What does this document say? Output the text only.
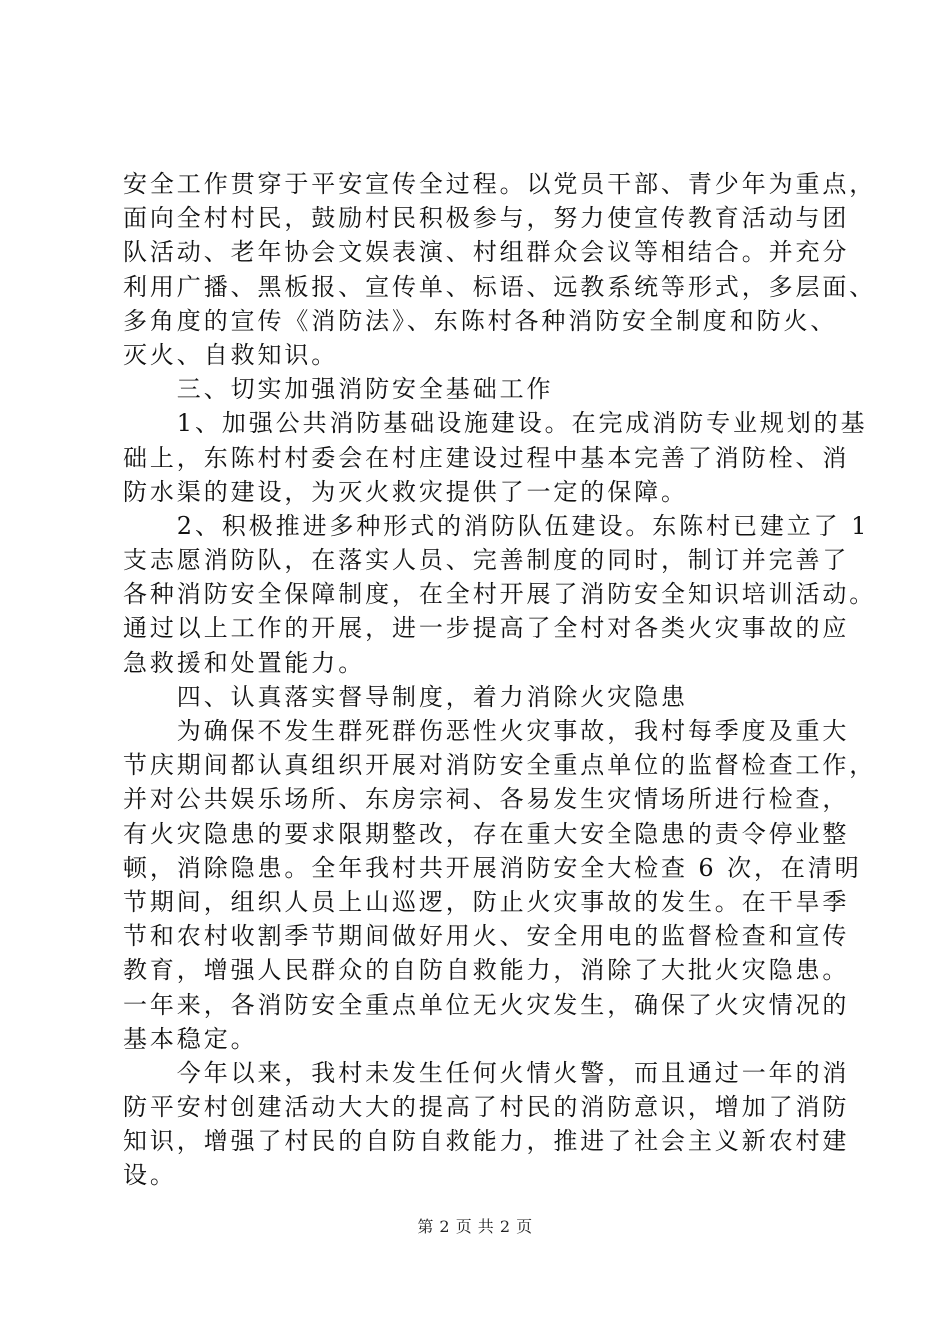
安全工作贯穿于平安宣传全过程。以党员干部、青少年为重点，
面向全村村民，鼓励村民积极参与，努力使宣传教育活动与团
队活动、老年协会文娱表演、村组群众会议等相结合。并充分
利用广播、黑板报、宣传单、标语、远教系统等形式，多层面、
多角度的宣传《消防法》、东陈村各种消防安全制度和防火、
灭火、自救知识。
　　三、切实加强消防安全基础工作
　　1、加强公共消防基础设施建设。在完成消防专业规划的基
础上，东陈村村委会在村庄建设过程中基本完善了消防栓、消
防水渠的建设，为灭火救灾提供了一定的保障。
　　2、积极推进多种形式的消防队伍建设。东陈村已建立了 1
支志愿消防队，在落实人员、完善制度的同时，制订并完善了
各种消防安全保障制度，在全村开展了消防安全知识培训活动。
通过以上工作的开展，进一步提高了全村对各类火灾事故的应
急救援和处置能力。
　　四、认真落实督导制度，着力消除火灾隐患
　　为确保不发生群死群伤恶性火灾事故，我村每季度及重大
节庆期间都认真组织开展对消防安全重点单位的监督检查工作，
并对公共娱乐场所、东房宗祠、各易发生灾情场所进行检查，
有火灾隐患的要求限期整改，存在重大安全隐患的责令停业整
顿，消除隐患。全年我村共开展消防安全大检查 6 次，在清明
节期间，组织人员上山巡逻，防止火灾事故的发生。在干旱季
节和农村收割季节期间做好用火、安全用电的监督检查和宣传
教育，增强人民群众的自防自救能力，消除了大批火灾隐患。
一年来，各消防安全重点单位无火灾发生，确保了火灾情况的
基本稳定。
　　今年以来，我村未发生任何火情火警，而且通过一年的消
防平安村创建活动大大的提高了村民的消防意识，增加了消防
知识，增强了村民的自防自救能力，推进了社会主义新农村建
设。
第 2 页 共 2 页
